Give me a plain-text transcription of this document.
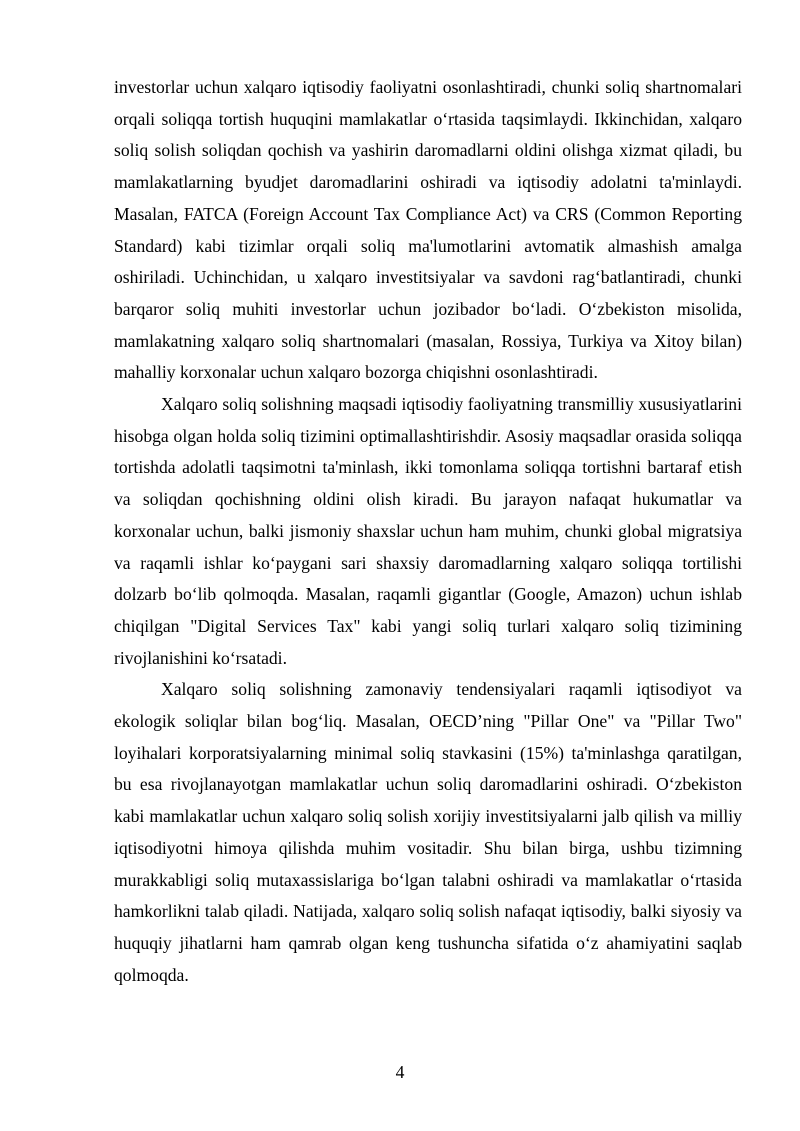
investorlar uchun xalqaro iqtisodiy faoliyatni osonlashtiradi, chunki soliq shartnomalari orqali soliqqa tortish huquqini mamlakatlar oʻrtasida taqsimlaydi. Ikkinchidan, xalqaro soliq solish soliqdan qochish va yashirin daromadlarni oldini olishga xizmat qiladi, bu mamlakatlarning byudjet daromadlarini oshiradi va iqtisodiy adolatni ta'minlaydi. Masalan, FATCA (Foreign Account Tax Compliance Act) va CRS (Common Reporting Standard) kabi tizimlar orqali soliq ma'lumotlarini avtomatik almashish amalga oshiriladi. Uchinchidan, u xalqaro investitsiyalar va savdoni ragʻbatlantiradi, chunki barqaror soliq muhiti investorlar uchun jozibador boʻladi. Oʻzbekiston misolida, mamlakatning xalqaro soliq shartnomalari (masalan, Rossiya, Turkiya va Xitoy bilan) mahalliy korxonalar uchun xalqaro bozorga chiqishni osonlashtiradi.

Xalqaro soliq solishning maqsadi iqtisodiy faoliyatning transmilliy xususiyatlarini hisobga olgan holda soliq tizimini optimallashtirishdir. Asosiy maqsadlar orasida soliqqa tortishda adolatli taqsimotni ta'minlash, ikki tomonlama soliqqa tortishni bartaraf etish va soliqdan qochishning oldini olish kiradi. Bu jarayon nafaqat hukumatlar va korxonalar uchun, balki jismoniy shaxslar uchun ham muhim, chunki global migratsiya va raqamli ishlar koʻpaygani sari shaxsiy daromadlarning xalqaro soliqqa tortilishi dolzarb boʻlib qolmoqda. Masalan, raqamli gigantlar (Google, Amazon) uchun ishlab chiqilgan "Digital Services Tax" kabi yangi soliq turlari xalqaro soliq tizimining rivojlanishini koʻrsatadi.

Xalqaro soliq solishning zamonaviy tendensiyalari raqamli iqtisodiyot va ekologik soliqlar bilan bogʻliq. Masalan, OECD’ning "Pillar One" va "Pillar Two" loyihalari korporatsiyalarning minimal soliq stavkasini (15%) ta'minlashga qaratilgan, bu esa rivojlanayotgan mamlakatlar uchun soliq daromadlarini oshiradi. Oʻzbekiston kabi mamlakatlar uchun xalqaro soliq solish xorijiy investitsiyalarni jalb qilish va milliy iqtisodiyotni himoya qilishda muhim vositadir. Shu bilan birga, ushbu tizimning murakkabligi soliq mutaxassislariga boʻlgan talabni oshiradi va mamlakatlar oʻrtasida hamkorlikni talab qiladi. Natijada, xalqaro soliq solish nafaqat iqtisodiy, balki siyosiy va huquqiy jihatlarni ham qamrab olgan keng tushuncha sifatida oʻz ahamiyatini saqlab qolmoqda.

4
